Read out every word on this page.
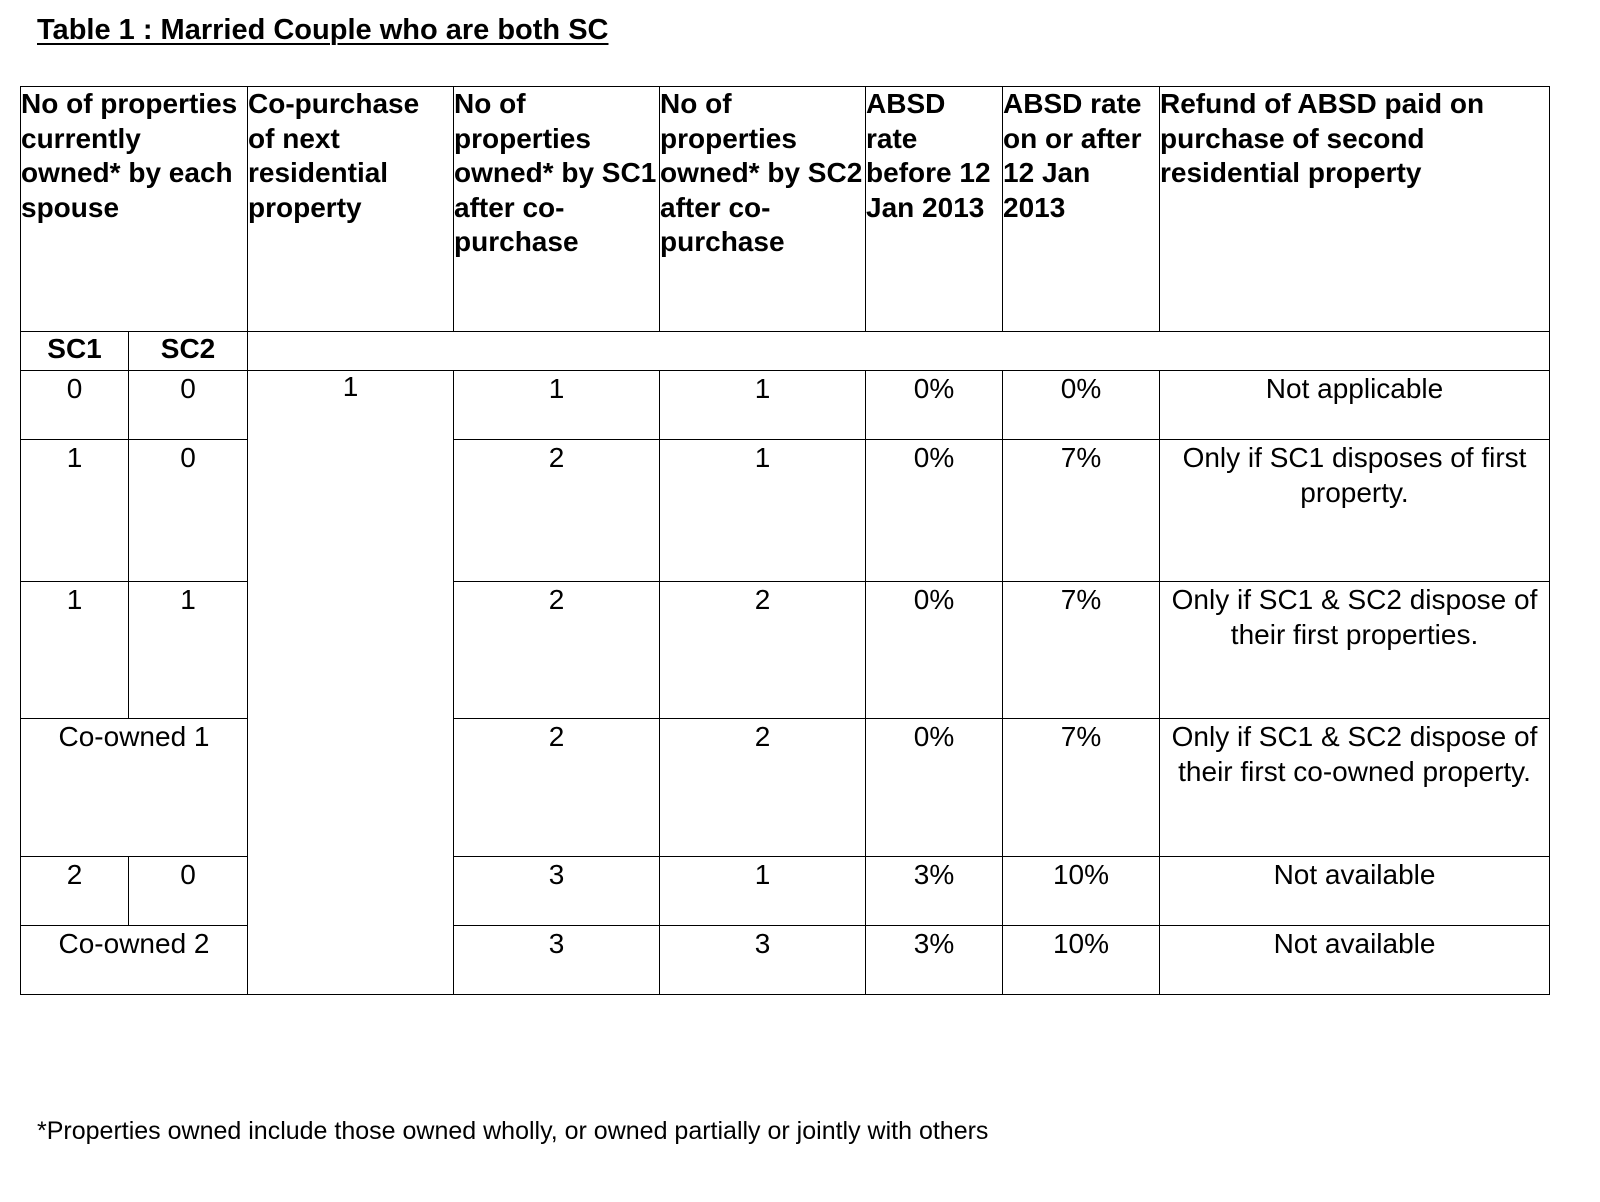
Table 1 : Married Couple who are both SC
No of properties currently owned* by each spouse		Co-purchase of next residential property	No of properties owned* by SC1 after co-purchase	No of properties owned* by SC2 after co-purchase	ABSD rate before 12 Jan 2013	ABSD rate on or after 12 Jan 2013	Refund of ABSD paid on purchase of second residential property
SC1	SC2						
0	0	1	1	1	0%	0%	Not applicable
1	0		2	1	0%	7%	Only if SC1 disposes of first property.
1	1		2	2	0%	7%	Only if SC1 & SC2 dispose of their first properties.
Co-owned 1			2	2	0%	7%	Only if SC1 & SC2 dispose of their first co-owned property.
2	0		3	1	3%	10%	Not available
Co-owned 2			3	3	3%	10%	Not available
*Properties owned include those owned wholly, or owned partially or jointly with others
